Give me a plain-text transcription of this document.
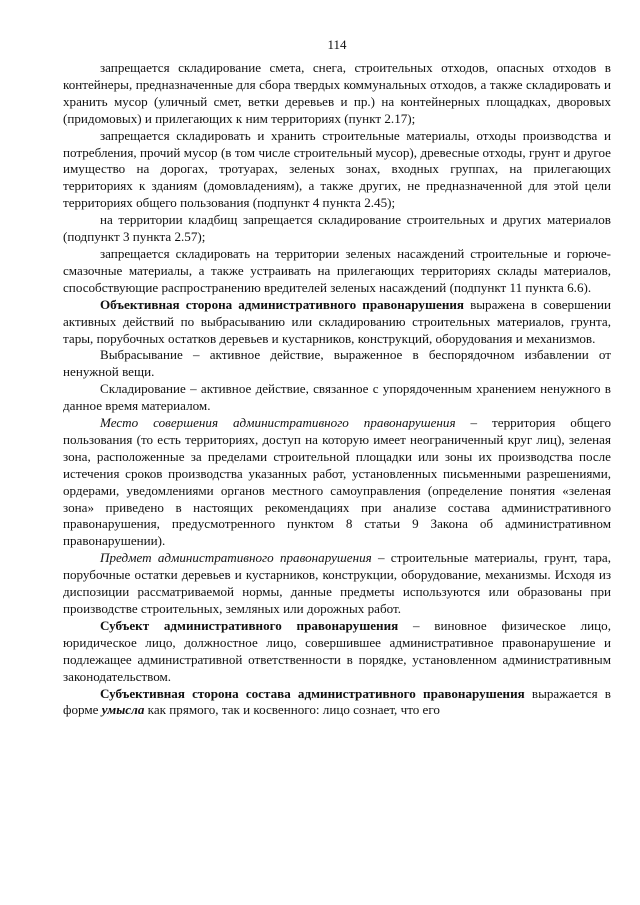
114

запрещается складирование смета, снега, строительных отходов, опасных отходов в контейнеры, предназначенные для сбора твердых коммунальных отходов, а также складировать и хранить мусор (уличный смет, ветки деревьев и пр.) на контейнерных площадках, дворовых (придомовых) и прилегающих к ним территориях (пункт 2.17);

запрещается складировать и хранить строительные материалы, отходы производства и потребления, прочий мусор (в том числе строительный мусор), древесные отходы, грунт и другое имущество на дорогах, тротуарах, зеленых зонах, входных группах, на прилегающих территориях к зданиям (домовладениям), а также других, не предназначенной для этой цели территориях общего пользования (подпункт 4 пункта 2.45);

на территории кладбищ запрещается складирование строительных и других материалов (подпункт 3 пункта 2.57);

запрещается складировать на территории зеленых насаждений строительные и горюче-смазочные материалы, а также устраивать на прилегающих территориях склады материалов, способствующие распространению вредителей зеленых насаждений (подпункт 11 пункта 6.6).

Объективная сторона административного правонарушения выражена в совершении активных действий по выбрасыванию или складированию строительных материалов, грунта, тары, порубочных остатков деревьев и кустарников, конструкций, оборудования и механизмов.

Выбрасывание – активное действие, выраженное в беспорядочном избавлении от ненужной вещи.

Складирование – активное действие, связанное с упорядоченным хранением ненужного в данное время материалом.

Место совершения административного правонарушения – территория общего пользования (то есть территориях, доступ на которую имеет неограниченный круг лиц), зеленая зона, расположенные за пределами строительной площадки или зоны их производства после истечения сроков производства указанных работ, установленных письменными разрешениями, ордерами, уведомлениями органов местного самоуправления (определение понятия «зеленая зона» приведено в настоящих рекомендациях при анализе состава административного правонарушения, предусмотренного пунктом 8 статьи 9 Закона об административном правонарушении).

Предмет административного правонарушения – строительные материалы, грунт, тара, порубочные остатки деревьев и кустарников, конструкции, оборудование, механизмы. Исходя из диспозиции рассматриваемой нормы, данные предметы используются или образованы при производстве строительных, земляных или дорожных работ.

Субъект административного правонарушения – виновное физическое лицо, юридическое лицо, должностное лицо, совершившее административное правонарушение и подлежащее административной ответственности в порядке, установленном административным законодательством.

Субъективная сторона состава административного правонарушения выражается в форме умысла как прямого, так и косвенного: лицо сознает, что его
